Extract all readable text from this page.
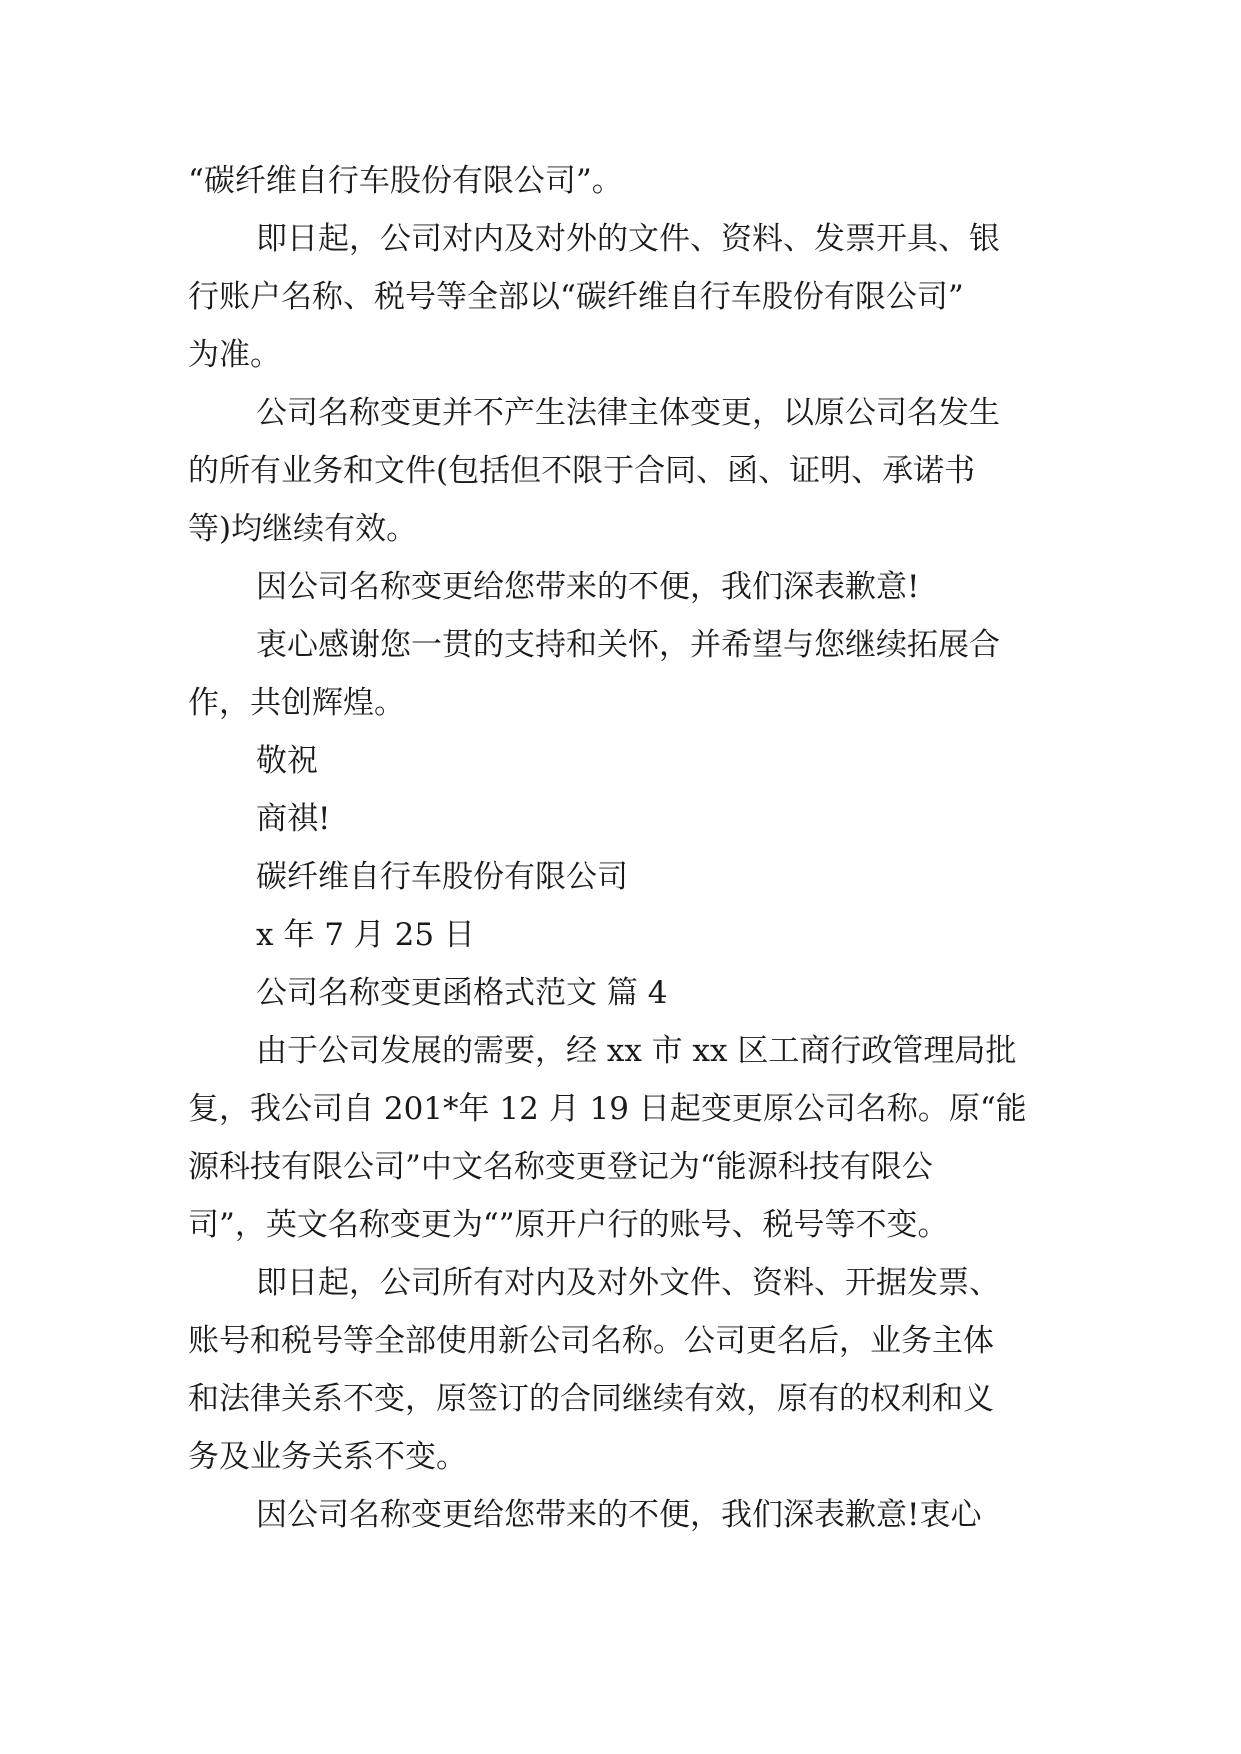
“碳纤维自行车股份有限公司”。

即日起，公司对内及对外的文件、资料、发票开具、银

行账户名称、税号等全部以“碳纤维自行车股份有限公司”

为准。

公司名称变更并不产生法律主体变更，以原公司名发生

的所有业务和文件(包括但不限于合同、函、证明、承诺书

等)均继续有效。

因公司名称变更给您带来的不便，我们深表歉意!

衷心感谢您一贯的支持和关怀，并希望与您继续拓展合

作，共创辉煌。

敬祝

商祺!

碳纤维自行车股份有限公司

x 年 7 月 25 日

公司名称变更函格式范文 篇 4

由于公司发展的需要，经 xx 市 xx 区工商行政管理局批

复，我公司自 201*年 12 月 19 日起变更原公司名称。原“能

源科技有限公司”中文名称变更登记为“能源科技有限公

司”，英文名称变更为“”原开户行的账号、税号等不变。

即日起，公司所有对内及对外文件、资料、开据发票、

账号和税号等全部使用新公司名称。公司更名后，业务主体

和法律关系不变，原签订的合同继续有效，原有的权利和义

务及业务关系不变。

因公司名称变更给您带来的不便，我们深表歉意!衷心
